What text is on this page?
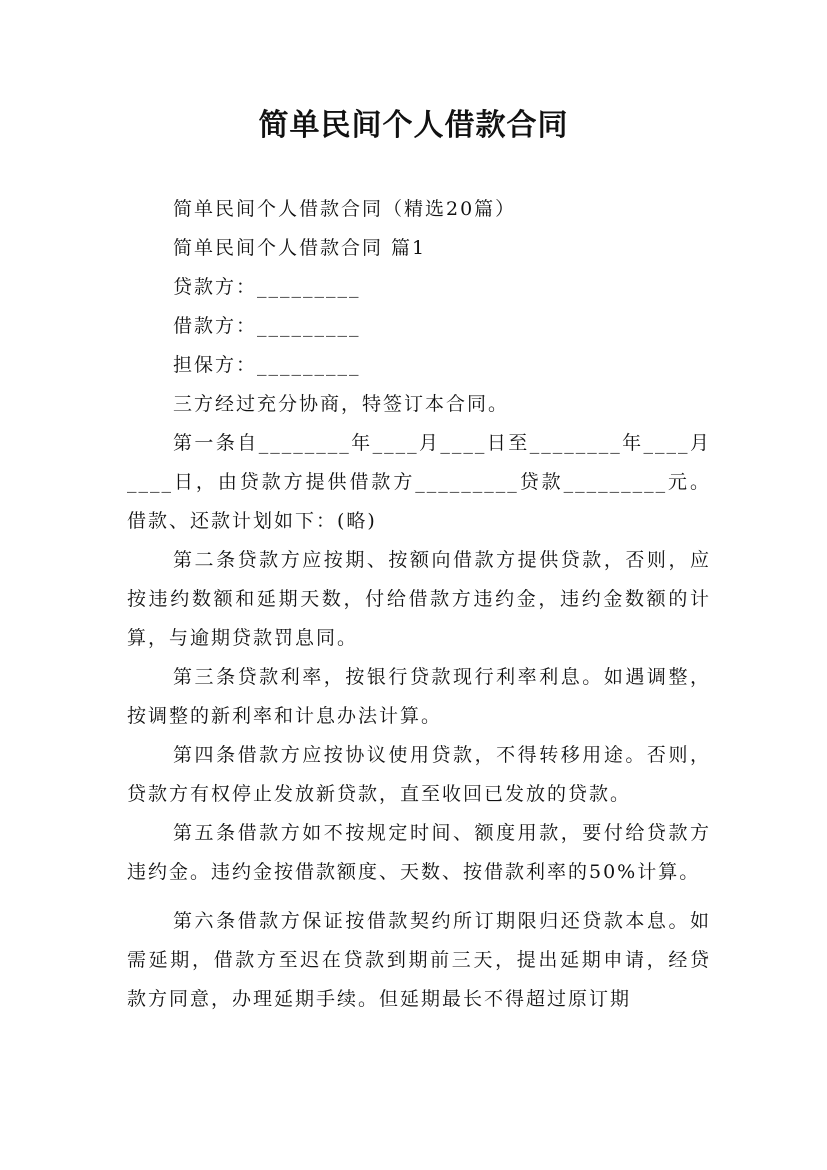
简单民间个人借款合同

简单民间个人借款合同（精选20篇）

简单民间个人借款合同 篇1

贷款方：_________

借款方：_________

担保方：_________

三方经过充分协商，特签订本合同。

第一条自________年____月____日至________年____月____日，由贷款方提供借款方_________贷款_________元。借款、还款计划如下：(略)

第二条贷款方应按期、按额向借款方提供贷款，否则，应按违约数额和延期天数，付给借款方违约金，违约金数额的计算，与逾期贷款罚息同。

第三条贷款利率，按银行贷款现行利率利息。如遇调整，按调整的新利率和计息办法计算。

第四条借款方应按协议使用贷款，不得转移用途。否则，贷款方有权停止发放新贷款，直至收回已发放的贷款。

第五条借款方如不按规定时间、额度用款，要付给贷款方违约金。违约金按借款额度、天数、按借款利率的50%计算。

第六条借款方保证按借款契约所订期限归还贷款本息。如需延期，借款方至迟在贷款到期前三天，提出延期申请，经贷款方同意，办理延期手续。但延期最长不得超过原订期
